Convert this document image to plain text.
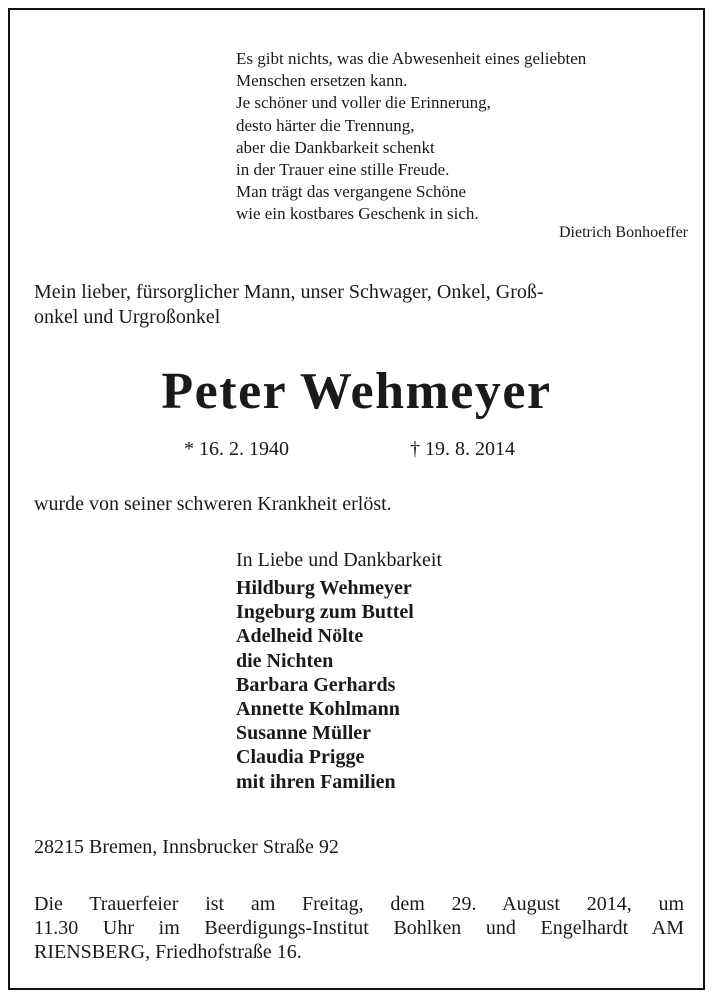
Es gibt nichts, was die Abwesenheit eines geliebten
Menschen ersetzen kann.
Je schöner und voller die Erinnerung,
desto härter die Trennung,
aber die Dankbarkeit schenkt
in der Trauer eine stille Freude.
Man trägt das vergangene Schöne
wie ein kostbares Geschenk in sich.
Dietrich Bonhoeffer
Mein lieber, fürsorglicher Mann, unser Schwager, Onkel, Groß-
onkel und Urgroßonkel
Peter Wehmeyer
* 16. 2. 1940	† 19. 8. 2014
wurde von seiner schweren Krankheit erlöst.
In Liebe und Dankbarkeit
Hildburg Wehmeyer
Ingeburg zum Buttel
Adelheid Nölte
die Nichten
Barbara Gerhards
Annette Kohlmann
Susanne Müller
Claudia Prigge
mit ihren Familien
28215 Bremen, Innsbrucker Straße 92
Die Trauerfeier ist am Freitag, dem 29. August 2014, um
11.30 Uhr im Beerdigungs-Institut Bohlken und Engelhardt AM
RIENSBERG, Friedhofstraße 16.
